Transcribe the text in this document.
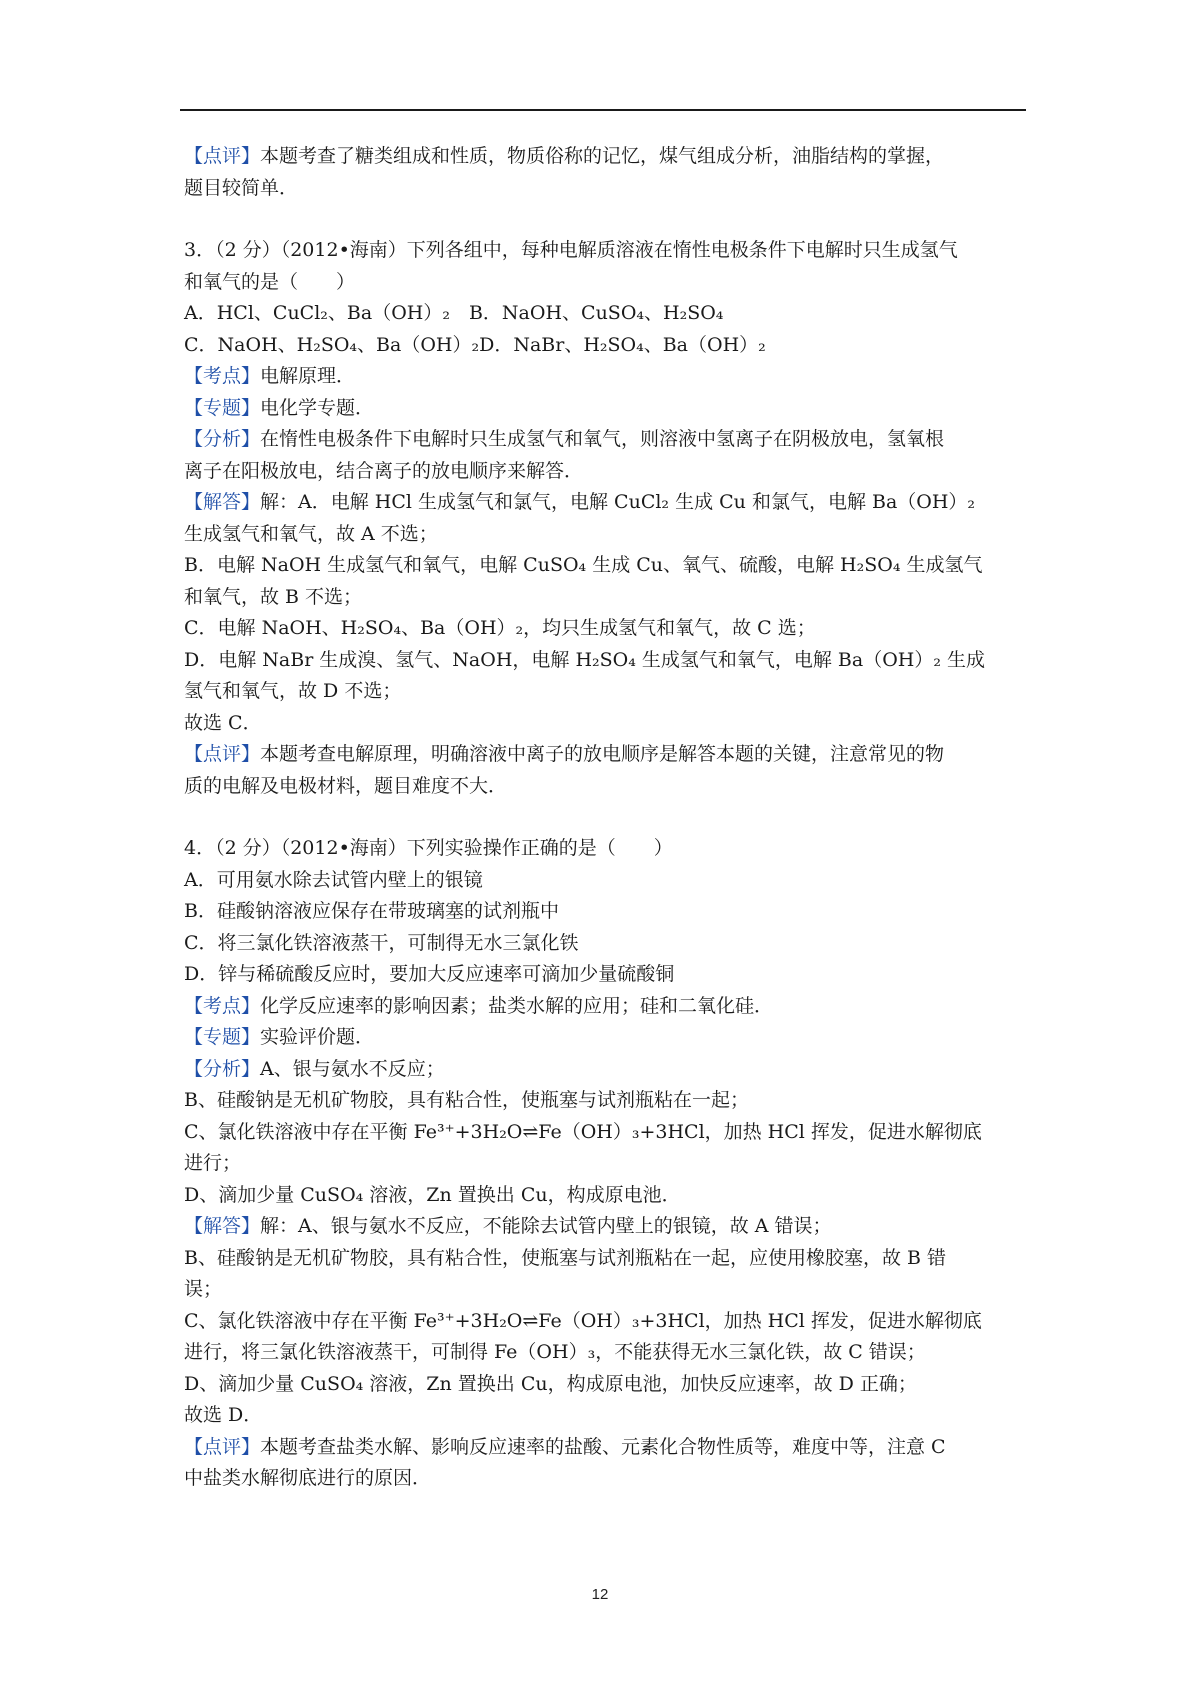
【点评】本题考查了糖类组成和性质，物质俗称的记忆，煤气组成分析，油脂结构的掌握，
题目较简单．
3．（2 分）（2012•海南）下列各组中，每种电解质溶液在惰性电极条件下电解时只生成氢气
和氧气的是（　　）
A．HCl、CuCl₂、Ba（OH）₂  B．NaOH、CuSO₄、H₂SO₄
C．NaOH、H₂SO₄、Ba（OH）₂D．NaBr、H₂SO₄、Ba（OH）₂
【考点】电解原理．
【专题】电化学专题．
【分析】在惰性电极条件下电解时只生成氢气和氧气，则溶液中氢离子在阴极放电，氢氧根
离子在阳极放电，结合离子的放电顺序来解答．
【解答】解：A．电解 HCl 生成氢气和氯气，电解 CuCl₂ 生成 Cu 和氯气，电解 Ba（OH）₂
生成氢气和氧气，故 A 不选；
B．电解 NaOH 生成氢气和氧气，电解 CuSO₄ 生成 Cu、氧气、硫酸，电解 H₂SO₄ 生成氢气
和氧气，故 B 不选；
C．电解 NaOH、H₂SO₄、Ba（OH）₂，均只生成氢气和氧气，故 C 选；
D．电解 NaBr 生成溴、氢气、NaOH，电解 H₂SO₄ 生成氢气和氧气，电解 Ba（OH）₂ 生成
氢气和氧气，故 D 不选；
故选 C．
【点评】本题考查电解原理，明确溶液中离子的放电顺序是解答本题的关键，注意常见的物
质的电解及电极材料，题目难度不大．
4．（2 分）（2012•海南）下列实验操作正确的是（　　）
A．可用氨水除去试管内壁上的银镜
B．硅酸钠溶液应保存在带玻璃塞的试剂瓶中
C．将三氯化铁溶液蒸干，可制得无水三氯化铁
D．锌与稀硫酸反应时，要加大反应速率可滴加少量硫酸铜
【考点】化学反应速率的影响因素；盐类水解的应用；硅和二氧化硅．
【专题】实验评价题．
【分析】A、银与氨水不反应；
B、硅酸钠是无机矿物胶，具有粘合性，使瓶塞与试剂瓶粘在一起；
C、氯化铁溶液中存在平衡 Fe³⁺+3H₂O⇌Fe（OH）₃+3HCl，加热 HCl 挥发，促进水解彻底
进行；
D、滴加少量 CuSO₄ 溶液，Zn 置换出 Cu，构成原电池．
【解答】解：A、银与氨水不反应，不能除去试管内壁上的银镜，故 A 错误；
B、硅酸钠是无机矿物胶，具有粘合性，使瓶塞与试剂瓶粘在一起，应使用橡胶塞，故 B 错
误；
C、氯化铁溶液中存在平衡 Fe³⁺+3H₂O⇌Fe（OH）₃+3HCl，加热 HCl 挥发，促进水解彻底
进行，将三氯化铁溶液蒸干，可制得 Fe（OH）₃，不能获得无水三氯化铁，故 C 错误；
D、滴加少量 CuSO₄ 溶液，Zn 置换出 Cu，构成原电池，加快反应速率，故 D 正确；
故选 D．
【点评】本题考查盐类水解、影响反应速率的盐酸、元素化合物性质等，难度中等，注意 C
中盐类水解彻底进行的原因．
12
